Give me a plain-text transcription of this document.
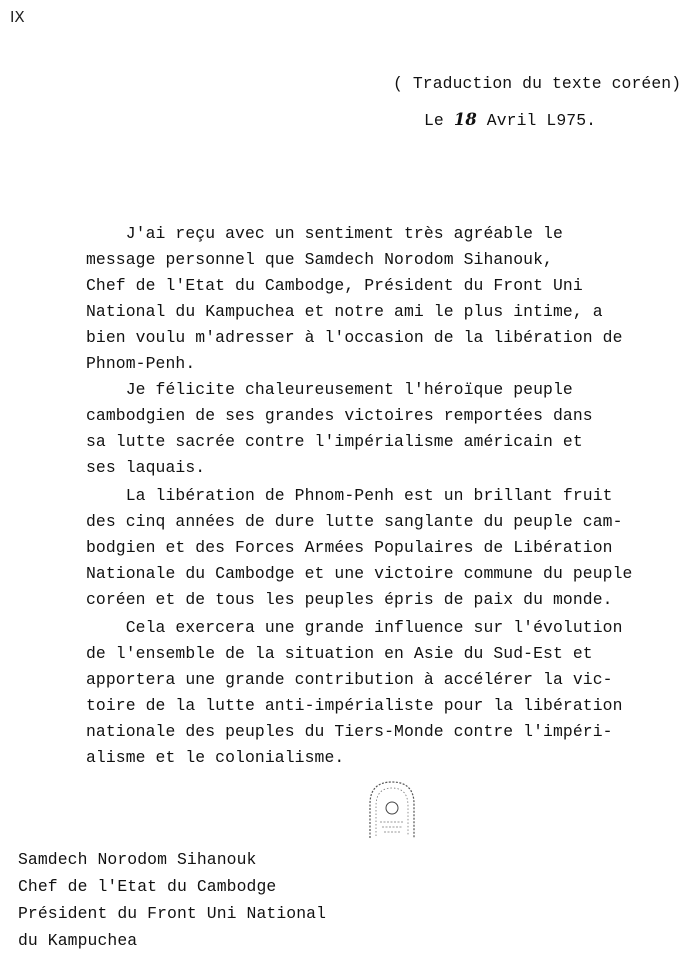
IX
( Traduction du texte coréen)
Le 18 Avril L975.
J'ai reçu avec un sentiment très agréable le
message personnel que Samdech Norodom Sihanouk,
Chef de l'Etat du Cambodge, Président du Front Uni
National du Kampuchea et notre ami le plus intime, a
bien voulu m'adresser à l'occasion de la libération de
Phnom-Penh.
Je félicite chaleureusement l'héroïque peuple
cambodgien de ses grandes victoires remportées dans
sa lutte sacrée contre l'impérialisme américain et
ses laquais.
La libération de Phnom-Penh est un brillant fruit
des cinq années de dure lutte sanglante du peuple cam-
bodgien et des Forces Armées Populaires de Libération
Nationale du Cambodge et une victoire commune du peuple
coréen et de tous les peuples épris de paix du monde.
Cela exercera une grande influence sur l'évolution
de l'ensemble de la situation en Asie du Sud-Est et
apportera une grande contribution à accélérer la vic-
toire de la lutte anti-impérialiste pour la libération
nationale des peuples du Tiers-Monde contre l'impéri-
alisme et le colonialisme.
Samdech Norodom Sihanouk
Chef de l'Etat du Cambodge
Président du Front Uni National
du Kampuchea
